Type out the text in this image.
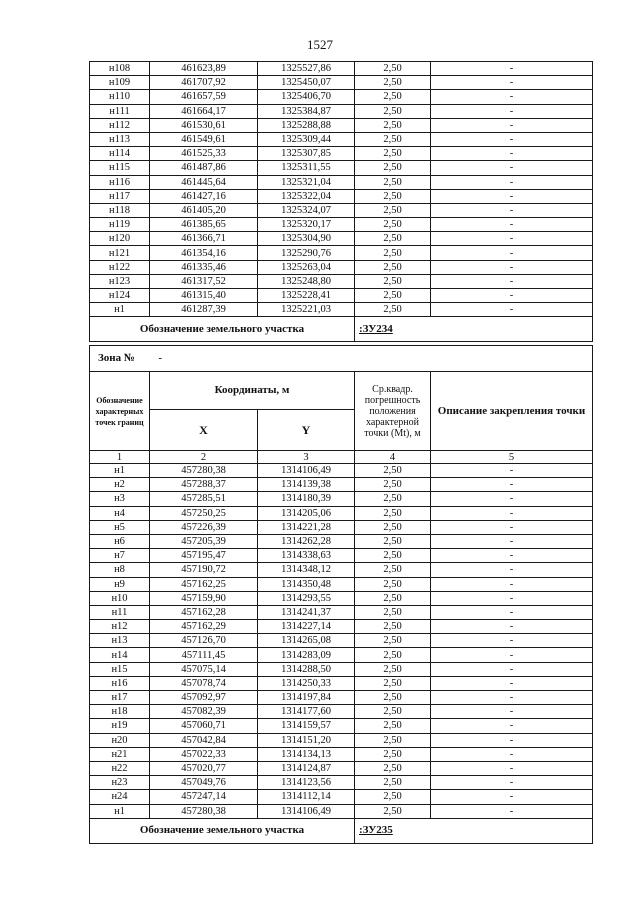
1527
н108	461623,89	1325527,86	2,50	-
н109	461707,92	1325450,07	2,50	-
н110	461657,59	1325406,70	2,50	-
н111	461664,17	1325384,87	2,50	-
н112	461530,61	1325288,88	2,50	-
н113	461549,61	1325309,44	2,50	-
н114	461525,33	1325307,85	2,50	-
н115	461487,86	1325311,55	2,50	-
н116	461445,64	1325321,04	2,50	-
н117	461427,16	1325322,04	2,50	-
н118	461405,20	1325324,07	2,50	-
н119	461385,65	1325320,17	2,50	-
н120	461366,71	1325304,90	2,50	-
н121	461354,16	1325290,76	2,50	-
н122	461335,46	1325263,04	2,50	-
н123	461317,52	1325248,80	2,50	-
н124	461315,40	1325228,41	2,50	-
н1	461287,39	1325221,03	2,50	-
Обозначение земельного участка			:ЗУ234	
Зона №	-			
Обозначение характерных точек границ	Координаты, м		Ср.квадр. погрешность положения характерной точки (Mt), м	Описание закрепления точки
	X	Y		
1	2	3	4	5
н1	457280,38	1314106,49	2,50	-
н2	457288,37	1314139,38	2,50	-
н3	457285,51	1314180,39	2,50	-
н4	457250,25	1314205,06	2,50	-
н5	457226,39	1314221,28	2,50	-
н6	457205,39	1314262,28	2,50	-
н7	457195,47	1314338,63	2,50	-
н8	457190,72	1314348,12	2,50	-
н9	457162,25	1314350,48	2,50	-
н10	457159,90	1314293,55	2,50	-
н11	457162,28	1314241,37	2,50	-
н12	457162,29	1314227,14	2,50	-
н13	457126,70	1314265,08	2,50	-
н14	457111,45	1314283,09	2,50	-
н15	457075,14	1314288,50	2,50	-
н16	457078,74	1314250,33	2,50	-
н17	457092,97	1314197,84	2,50	-
н18	457082,39	1314177,60	2,50	-
н19	457060,71	1314159,57	2,50	-
н20	457042,84	1314151,20	2,50	-
н21	457022,33	1314134,13	2,50	-
н22	457020,77	1314124,87	2,50	-
н23	457049,76	1314123,56	2,50	-
н24	457247,14	1314112,14	2,50	-
н1	457280,38	1314106,49	2,50	-
Обозначение земельного участка			:ЗУ235	
